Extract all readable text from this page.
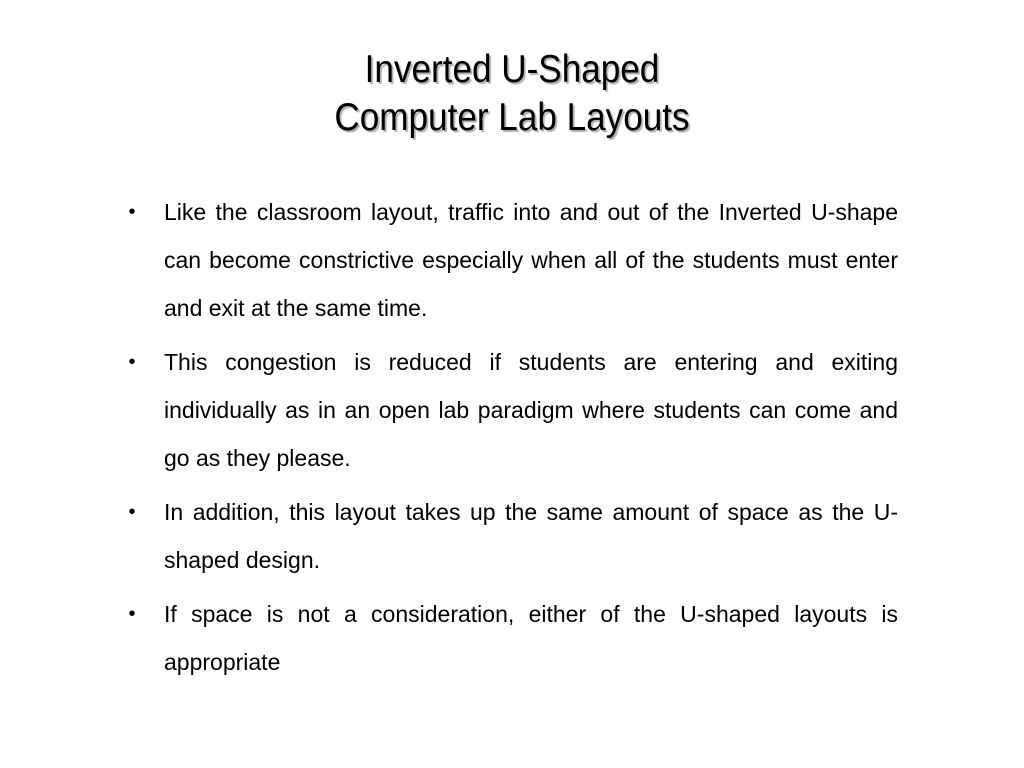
Inverted U-Shaped
Computer Lab Layouts
• Like the classroom layout, traffic into and out of the Inverted U-shape can become constrictive especially when all of the students must enter and exit at the same time.
• This congestion is reduced if students are entering and exiting individually as in an open lab paradigm where students can come and go as they please.
• In addition, this layout takes up the same amount of space as the U-shaped design.
• If space is not a consideration, either of the U-shaped layouts is appropriate
